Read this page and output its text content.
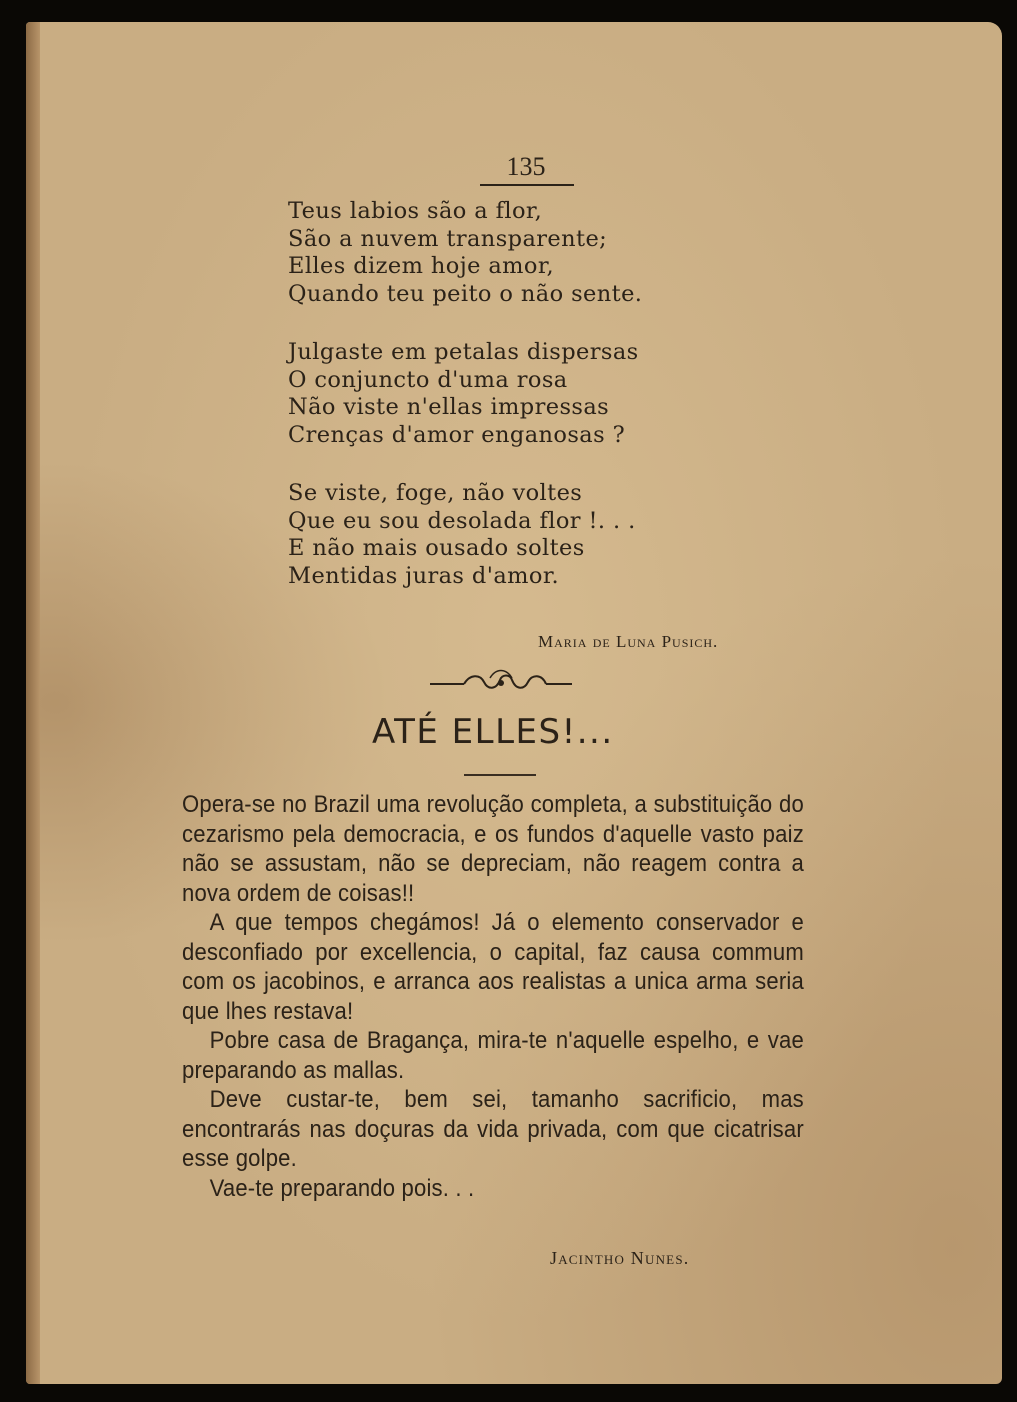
135
Teus labios são a flor,
São a nuvem transparente;
Elles dizem hoje amor,
Quando teu peito o não sente.
Julgaste em petalas dispersas
O conjuncto d'uma rosa
Não viste n'ellas impressas
Crenças d'amor enganosas ?
Se viste, foge, não voltes
Que eu sou desolada flor !. . .
E não mais ousado soltes
Mentidas juras d'amor.
Maria de Luna Pusich.
ATÉ ELLES!...

Opera-se no Brazil uma revolução completa, a substituição do cezarismo pela democracia, e os fundos d'aquelle vasto paiz não se assustam, não se depreciam, não reagem contra a nova ordem de coisas!!

A que tempos chegámos! Já o elemento conservador e desconfiado por excellencia, o capital, faz causa commum com os jacobinos, e arranca aos realistas a unica arma seria que lhes restava!

Pobre casa de Bragança, mira-te n'aquelle espelho, e vae preparando as mallas.

Deve custar-te, bem sei, tamanho sacrificio, mas encontrarás nas doçuras da vida privada, com que cicatrisar esse golpe.

Vae-te preparando pois. . .

Jacintho Nunes.
